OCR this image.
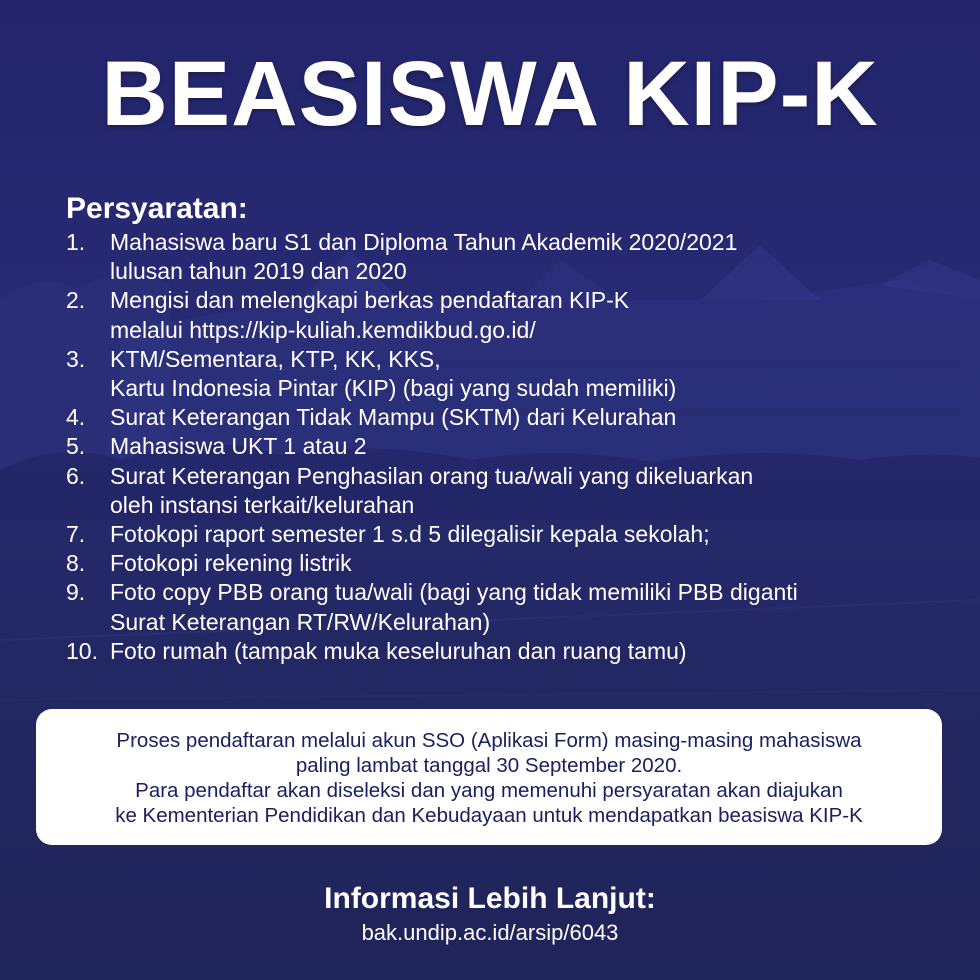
BEASISWA KIP-K
Persyaratan:
1.	Mahasiswa baru S1 dan Diploma Tahun Akademik 2020/2021
lulusan tahun 2019 dan 2020
2.	Mengisi dan melengkapi berkas pendaftaran KIP-K
melalui https://kip-kuliah.kemdikbud.go.id/
3.	KTM/Sementara, KTP, KK, KKS,
Kartu Indonesia Pintar (KIP) (bagi yang sudah memiliki)
4.	Surat Keterangan Tidak Mampu (SKTM) dari Kelurahan
5.	Mahasiswa UKT 1 atau 2
6.	Surat Keterangan Penghasilan orang tua/wali yang dikeluarkan
oleh instansi terkait/kelurahan
7.	Fotokopi raport semester 1 s.d 5 dilegalisir kepala sekolah;
8.	Fotokopi rekening listrik
9.	Foto copy PBB orang tua/wali (bagi yang tidak memiliki PBB diganti
Surat Keterangan RT/RW/Kelurahan)
10. Foto rumah (tampak muka keseluruhan dan ruang tamu)
Proses pendaftaran melalui akun SSO (Aplikasi Form) masing-masing mahasiswa
paling lambat tanggal 30 September 2020.
Para pendaftar akan diseleksi dan yang memenuhi persyaratan akan diajukan
ke Kementerian Pendidikan dan Kebudayaan untuk mendapatkan beasiswa KIP-K
Informasi Lebih Lanjut:
bak.undip.ac.id/arsip/6043
